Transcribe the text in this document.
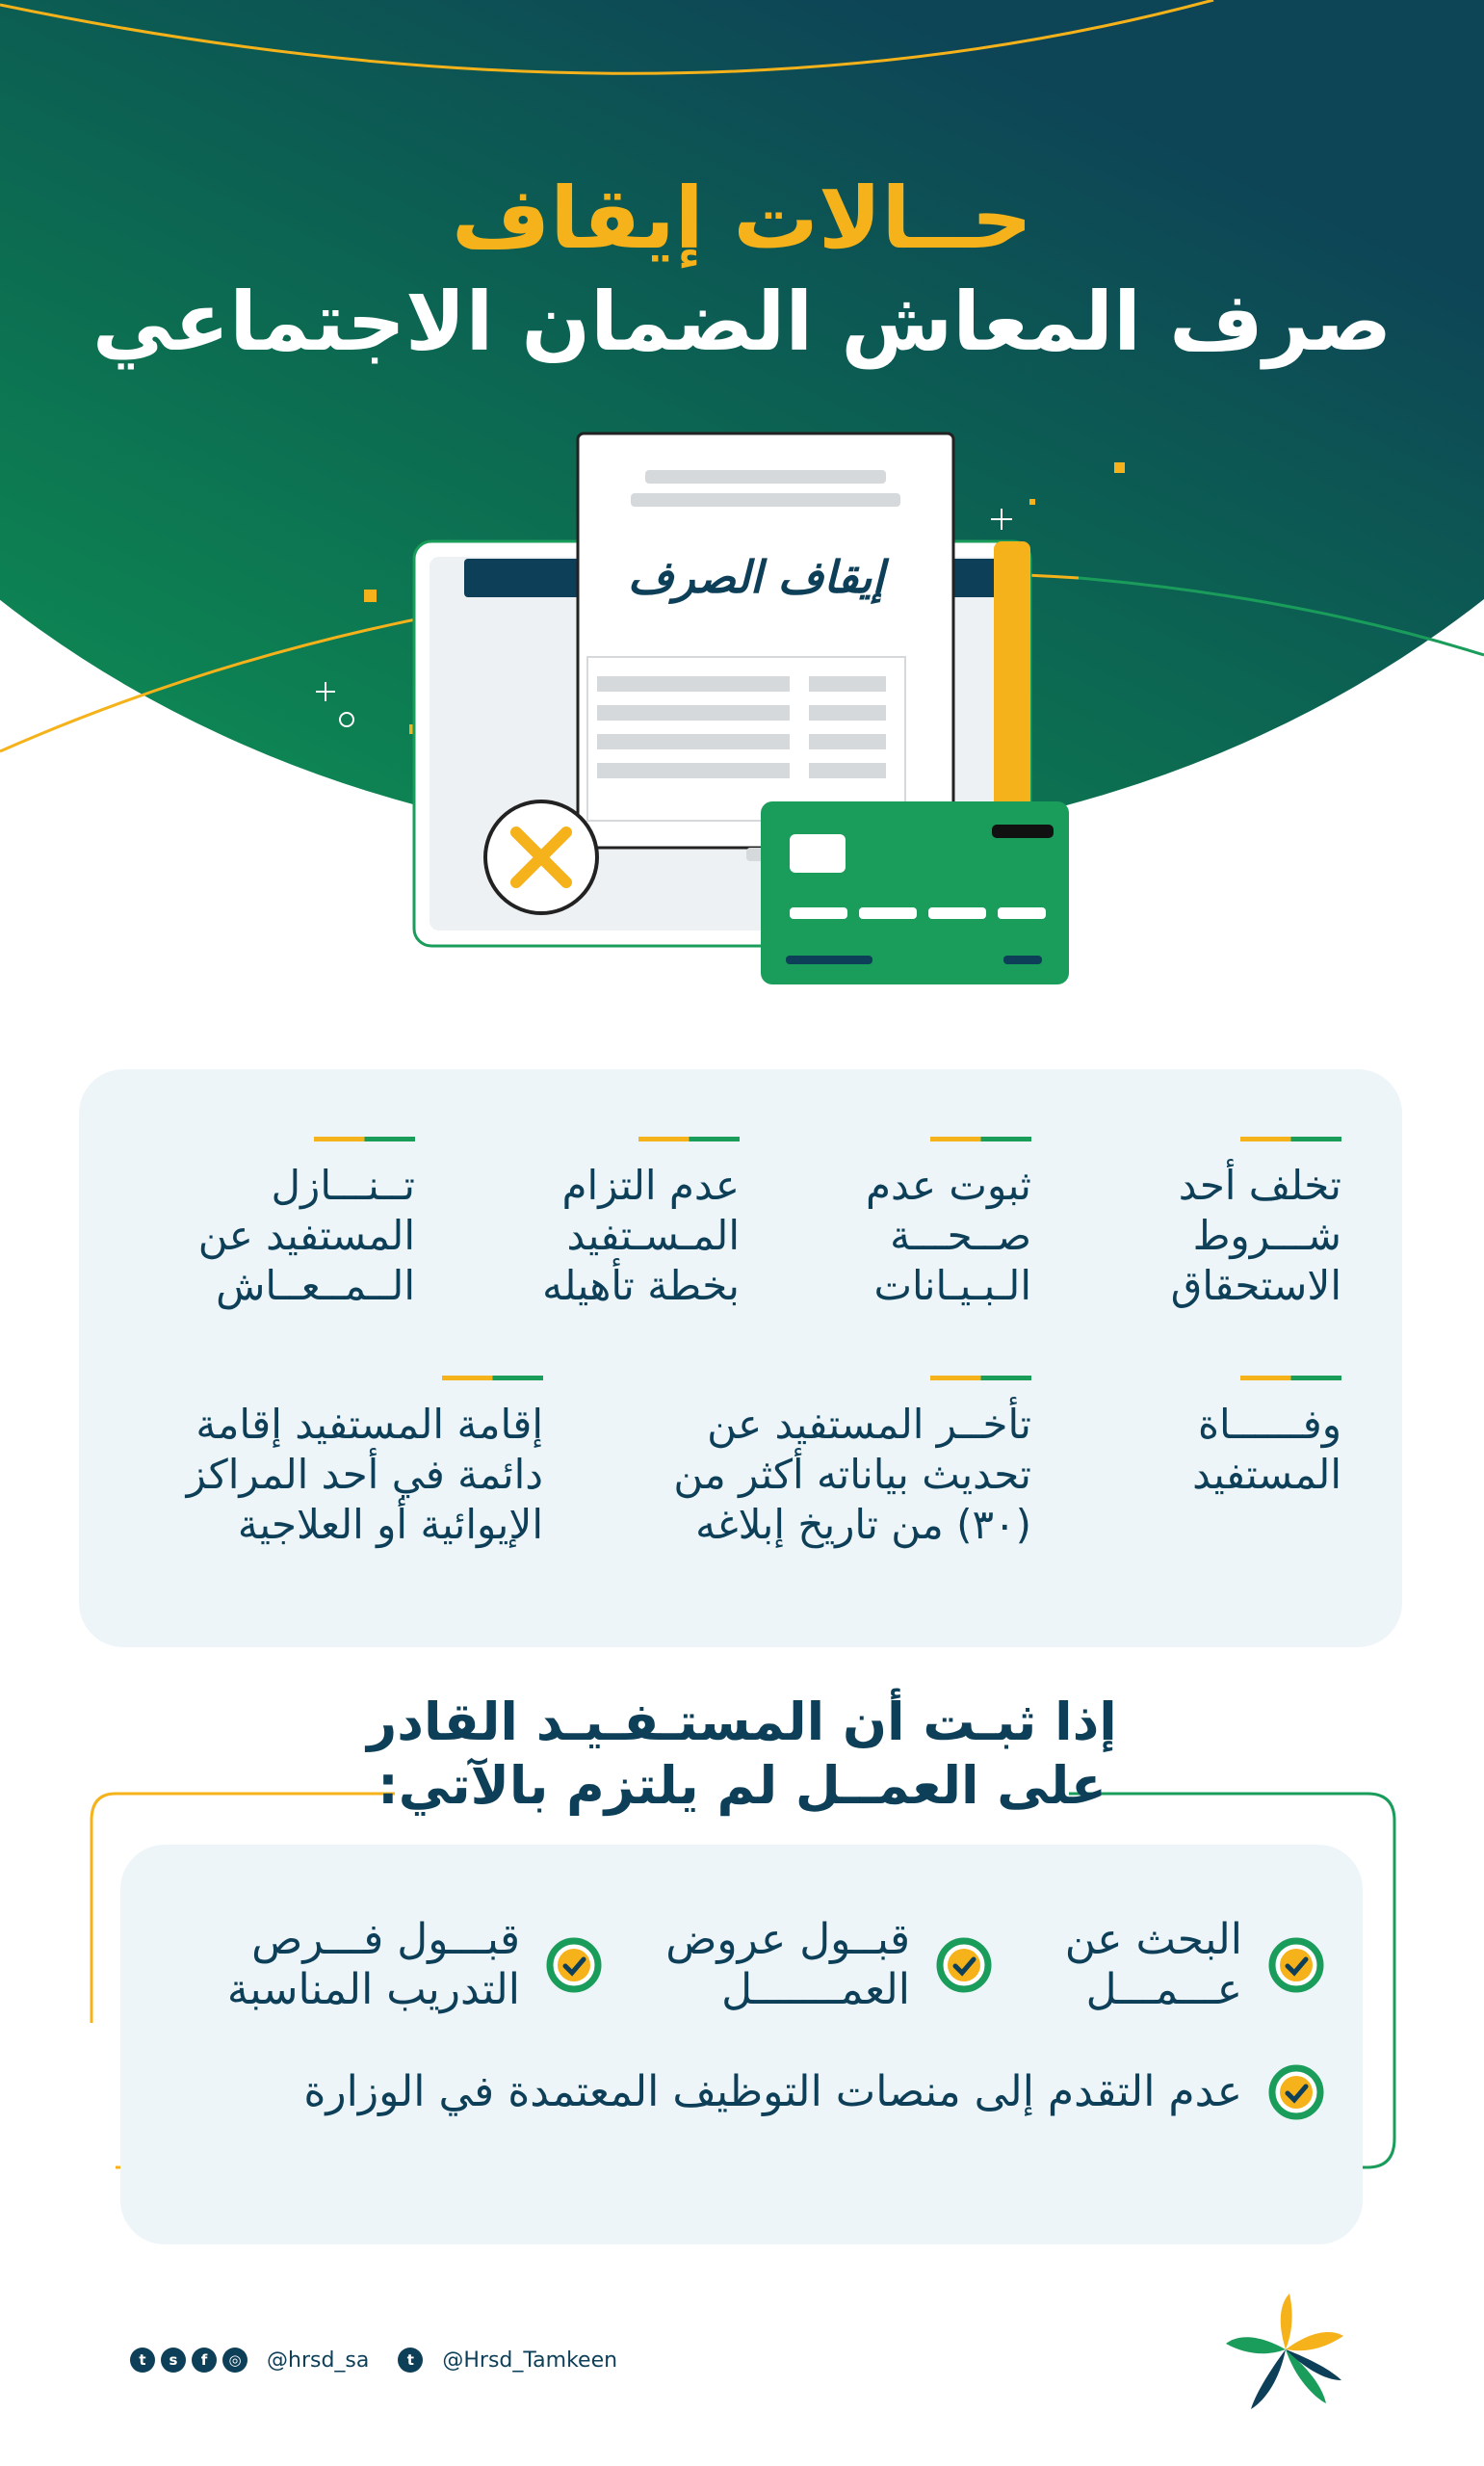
حــالات إيقاف
صرف المعاش الضمان الاجتماعي
إيقاف الصرف
تخلف أحد
شـــروط
الاستحقاق
ثبوت عدم
صــحـــة
الـبـيـانات
عدم التزام
المـسـتفيد
بخطة تأهيله
تــنـــازل
المستفيد عن
الــمــعــاش
وفــــــاة
المستفيد
تأخــر المستفيد عن
تحديث بياناته أكثر من
(٣٠) من تاريخ إبلاغه
إقامة المستفيد إقامة
دائمة في أحد المراكز
الإيوائية أو العلاجية
إذا ثبـت أن المستـفـيـد القادر
على العمــل لم يلتزم بالآتي:
البحث عن
عـــمـــل
قبــول عروض
العمـــــــل
قبـــول فـــرص
التدريب المناسبة
عدم التقدم إلى منصات التوظيف المعتمدة في الوزارة
t	s	f	◎ @hrsd_sa	t	@Hrsd_Tamkeen
